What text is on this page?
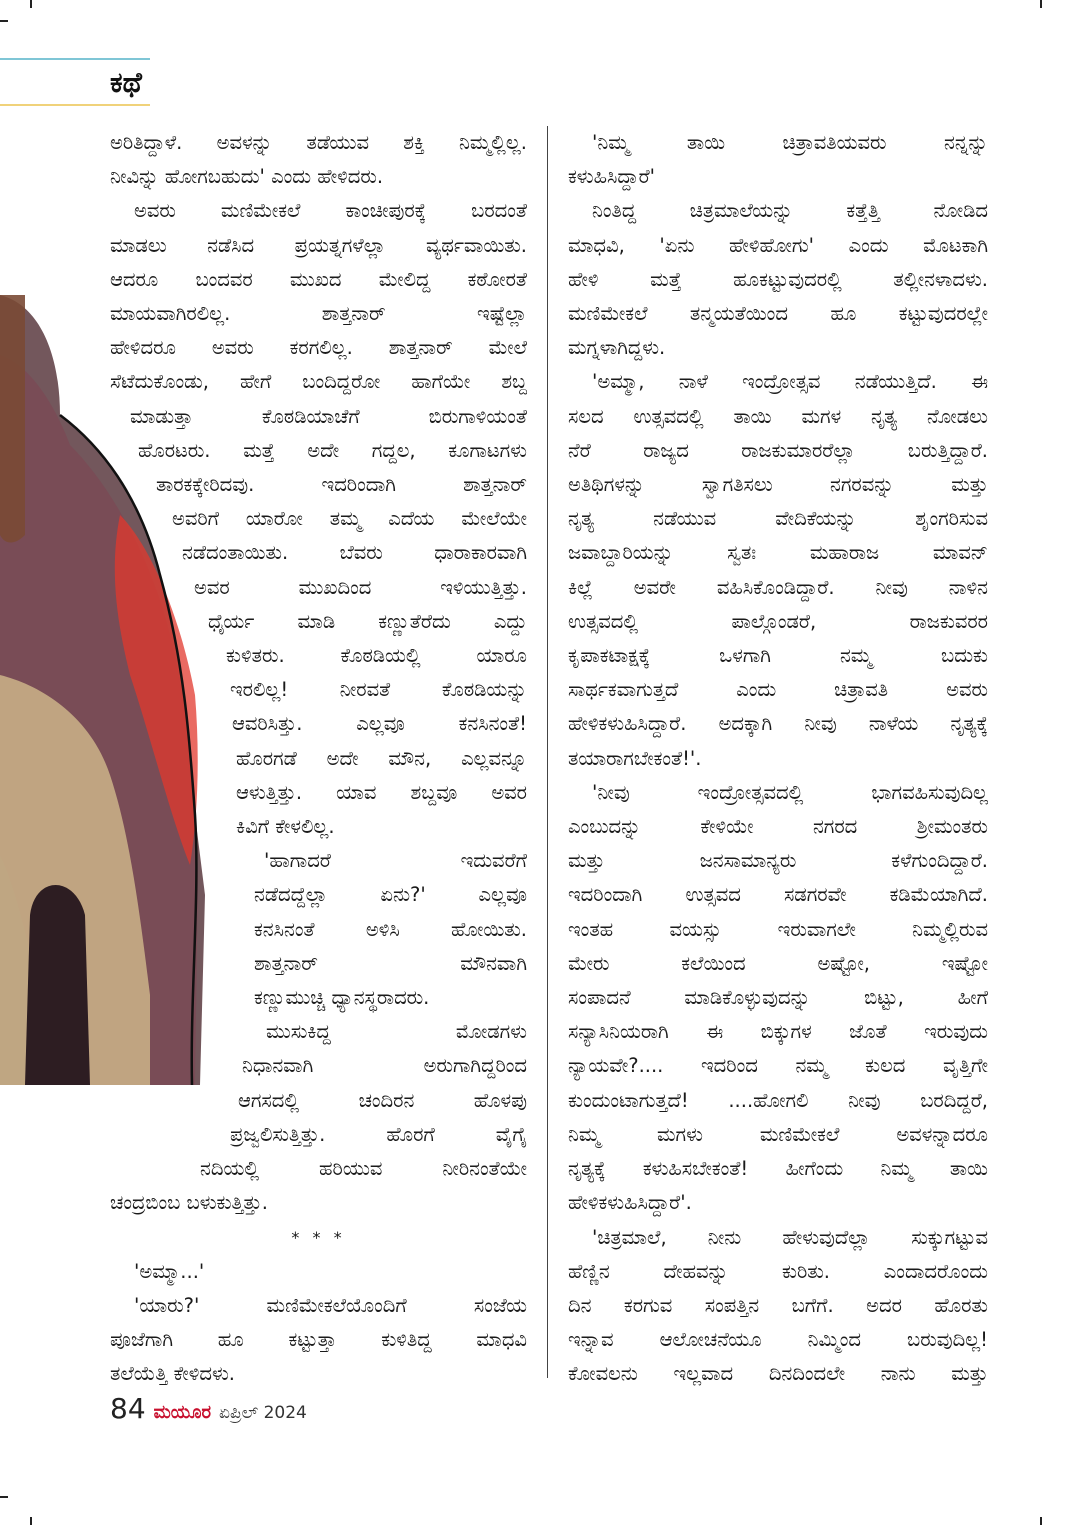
ಕಥೆ
ಅರಿತಿದ್ದಾಳೆ. ಅವಳನ್ನು ತಡೆಯುವ ಶಕ್ತಿ ನಿಮ್ಮಲ್ಲಿಲ್ಲ.
ನೀವಿನ್ನು ಹೋಗಬಹುದು' ಎಂದು ಹೇಳಿದರು.
ಅವರು ಮಣಿಮೇಕಲೆ ಕಾಂಚೀಪುರಕ್ಕೆ ಬರದಂತೆ
ಮಾಡಲು ನಡೆಸಿದ ಪ್ರಯತ್ನಗಳೆಲ್ಲಾ ವ್ಯರ್ಥವಾಯಿತು.
ಆದರೂ ಬಂದವರ ಮುಖದ ಮೇಲಿದ್ದ ಕಠೋರತೆ
ಮಾಯವಾಗಿರಲಿಲ್ಲ. ಶಾತ್ತನಾರ್ ಇಷ್ಟೆಲ್ಲಾ
ಹೇಳಿದರೂ ಅವರು ಕರಗಲಿಲ್ಲ. ಶಾತ್ತನಾರ್ ಮೇಲೆ
ಸೆಟೆದುಕೊಂಡು, ಹೇಗೆ ಬಂದಿದ್ದರೋ ಹಾಗೆಯೇ ಶಬ್ದ
ಮಾಡುತ್ತಾ ಕೊಠಡಿಯಾಚೆಗೆ ಬಿರುಗಾಳಿಯಂತೆ
ಹೊರಟರು. ಮತ್ತೆ ಅದೇ ಗದ್ದಲ, ಕೂಗಾಟಗಳು
ತಾರಕಕ್ಕೇರಿದವು. ಇದರಿಂದಾಗಿ ಶಾತ್ತನಾರ್
ಅವರಿಗೆ ಯಾರೋ ತಮ್ಮ ಎದೆಯ ಮೇಲೆಯೇ
ನಡೆದಂತಾಯಿತು. ಬೆವರು ಧಾರಾಕಾರವಾಗಿ
ಅವರ ಮುಖದಿಂದ ಇಳಿಯುತ್ತಿತ್ತು.
ಧೈರ್ಯ ಮಾಡಿ ಕಣ್ಣುತೆರೆದು ಎದ್ದು
ಕುಳಿತರು. ಕೊಠಡಿಯಲ್ಲಿ ಯಾರೂ
ಇರಲಿಲ್ಲ! ನೀರವತೆ ಕೊಠಡಿಯನ್ನು
ಆವರಿಸಿತ್ತು. ಎಲ್ಲವೂ ಕನಸಿನಂತೆ!
ಹೊರಗಡೆ ಅದೇ ಮೌನ, ಎಲ್ಲವನ್ನೂ
ಆಳುತ್ತಿತ್ತು. ಯಾವ ಶಬ್ದವೂ ಅವರ
ಕಿವಿಗೆ ಕೇಳಲಿಲ್ಲ.
'ಹಾಗಾದರೆ ಇದುವರೆಗೆ
ನಡೆದದ್ದೆಲ್ಲಾ ಏನು?' ಎಲ್ಲವೂ
ಕನಸಿನಂತೆ ಅಳಿಸಿ ಹೋಯಿತು.
ಶಾತ್ತನಾರ್ ಮೌನವಾಗಿ
ಕಣ್ಣುಮುಚ್ಚಿ ಧ್ಯಾನಸ್ಥರಾದರು.
ಮುಸುಕಿದ್ದ ಮೋಡಗಳು
ನಿಧಾನವಾಗಿ ಅರುಗಾಗಿದ್ದರಿಂದ
ಆಗಸದಲ್ಲಿ ಚಂದಿರನ ಹೊಳಪು
ಪ್ರಜ್ವಲಿಸುತ್ತಿತ್ತು. ಹೊರಗೆ ವೈಗೈ
ನದಿಯಲ್ಲಿ ಹರಿಯುವ ನೀರಿನಂತೆಯೇ
ಚಂದ್ರಬಿಂಬ ಬಳುಕುತ್ತಿತ್ತು.
* * *
'ಅಮ್ಮಾ...'
'ಯಾರು?' ಮಣಿಮೇಕಲೆಯೊಂದಿಗೆ ಸಂಜೆಯ
ಪೂಜೆಗಾಗಿ ಹೂ ಕಟ್ಟುತ್ತಾ ಕುಳಿತಿದ್ದ ಮಾಧವಿ
ತಲೆಯೆತ್ತಿ ಕೇಳಿದಳು.
'ನಿಮ್ಮ ತಾಯಿ ಚಿತ್ರಾವತಿಯವರು ನನ್ನನ್ನು
ಕಳುಹಿಸಿದ್ದಾರೆ'
ನಿಂತಿದ್ದ ಚಿತ್ರಮಾಲೆಯನ್ನು ಕತ್ತೆತ್ತಿ ನೋಡಿದ
ಮಾಧವಿ, 'ಏನು ಹೇಳಿಹೋಗು' ಎಂದು ಮೊಟಕಾಗಿ
ಹೇಳಿ ಮತ್ತೆ ಹೂಕಟ್ಟುವುದರಲ್ಲಿ ತಲ್ಲೀನಳಾದಳು.
ಮಣಿಮೇಕಲೆ ತನ್ಮಯತೆಯಿಂದ ಹೂ ಕಟ್ಟುವುದರಲ್ಲೇ
ಮಗ್ನಳಾಗಿದ್ದಳು.
'ಅಮ್ಮಾ, ನಾಳೆ ಇಂದ್ರೋತ್ಸವ ನಡೆಯುತ್ತಿದೆ. ಈ
ಸಲದ ಉತ್ಸವದಲ್ಲಿ ತಾಯಿ ಮಗಳ ನೃತ್ಯ ನೋಡಲು
ನೆರೆ ರಾಜ್ಯದ ರಾಜಕುಮಾರರೆಲ್ಲಾ ಬರುತ್ತಿದ್ದಾರೆ.
ಅತಿಥಿಗಳನ್ನು ಸ್ವಾಗತಿಸಲು ನಗರವನ್ನು ಮತ್ತು
ನೃತ್ಯ ನಡೆಯುವ ವೇದಿಕೆಯನ್ನು ಶೃಂಗರಿಸುವ
ಜವಾಬ್ದಾರಿಯನ್ನು ಸ್ವತಃ ಮಹಾರಾಜ ಮಾವನ್
ಕಿಲ್ಲೆ ಅವರೇ ವಹಿಸಿಕೊಂಡಿದ್ದಾರೆ. ನೀವು ನಾಳಿನ
ಉತ್ಸವದಲ್ಲಿ ಪಾಲ್ಗೊಂಡರೆ, ರಾಜಕುವರರ
ಕೃಪಾಕಟಾಕ್ಷಕ್ಕೆ ಒಳಗಾಗಿ ನಮ್ಮ ಬದುಕು
ಸಾರ್ಥಕವಾಗುತ್ತದೆ ಎಂದು ಚಿತ್ರಾವತಿ ಅವರು
ಹೇಳಿಕಳುಹಿಸಿದ್ದಾರೆ. ಅದಕ್ಕಾಗಿ ನೀವು ನಾಳೆಯ ನೃತ್ಯಕ್ಕೆ
ತಯಾರಾಗಬೇಕಂತೆ!'.
'ನೀವು ಇಂದ್ರೋತ್ಸವದಲ್ಲಿ ಭಾಗವಹಿಸುವುದಿಲ್ಲ
ಎಂಬುದನ್ನು ಕೇಳಿಯೇ ನಗರದ ಶ್ರೀಮಂತರು
ಮತ್ತು ಜನಸಾಮಾನ್ಯರು ಕಳೆಗುಂದಿದ್ದಾರೆ.
ಇದರಿಂದಾಗಿ ಉತ್ಸವದ ಸಡಗರವೇ ಕಡಿಮೆಯಾಗಿದೆ.
ಇಂತಹ ವಯಸ್ಸು ಇರುವಾಗಲೇ ನಿಮ್ಮಲ್ಲಿರುವ
ಮೇರು ಕಲೆಯಿಂದ ಅಷ್ಟೋ, ಇಷ್ಟೋ
ಸಂಪಾದನೆ ಮಾಡಿಕೊಳ್ಳುವುದನ್ನು ಬಿಟ್ಟು, ಹೀಗೆ
ಸನ್ಯಾಸಿನಿಯರಾಗಿ ಈ ಬಿಕ್ಕುಗಳ ಜೊತೆ ಇರುವುದು
ನ್ಯಾಯವೇ?.... ಇದರಿಂದ ನಮ್ಮ ಕುಲದ ವೃತ್ತಿಗೇ
ಕುಂದುಂಟಾಗುತ್ತದೆ! ....ಹೋಗಲಿ ನೀವು ಬರದಿದ್ದರೆ,
ನಿಮ್ಮ ಮಗಳು ಮಣಿಮೇಕಲೆ ಅವಳನ್ನಾದರೂ
ನೃತ್ಯಕ್ಕೆ ಕಳುಹಿಸಬೇಕಂತೆ! ಹೀಗೆಂದು ನಿಮ್ಮ ತಾಯಿ
ಹೇಳಿಕಳುಹಿಸಿದ್ದಾರೆ'.
'ಚಿತ್ರಮಾಲೆ, ನೀನು ಹೇಳುವುದೆಲ್ಲಾ ಸುಕ್ಕುಗಟ್ಟುವ
ಹೆಣ್ಣಿನ ದೇಹವನ್ನು ಕುರಿತು. ಎಂದಾದರೊಂದು
ದಿನ ಕರಗುವ ಸಂಪತ್ತಿನ ಬಗೆಗೆ. ಅದರ ಹೊರತು
ಇನ್ನಾವ ಆಲೋಚನೆಯೂ ನಿಮ್ಮಿಂದ ಬರುವುದಿಲ್ಲ!
ಕೋವಲನು ಇಲ್ಲವಾದ ದಿನದಿಂದಲೇ ನಾನು ಮತ್ತು
84 ಮಯೂರ ಏಪ್ರಿಲ್ 2024
